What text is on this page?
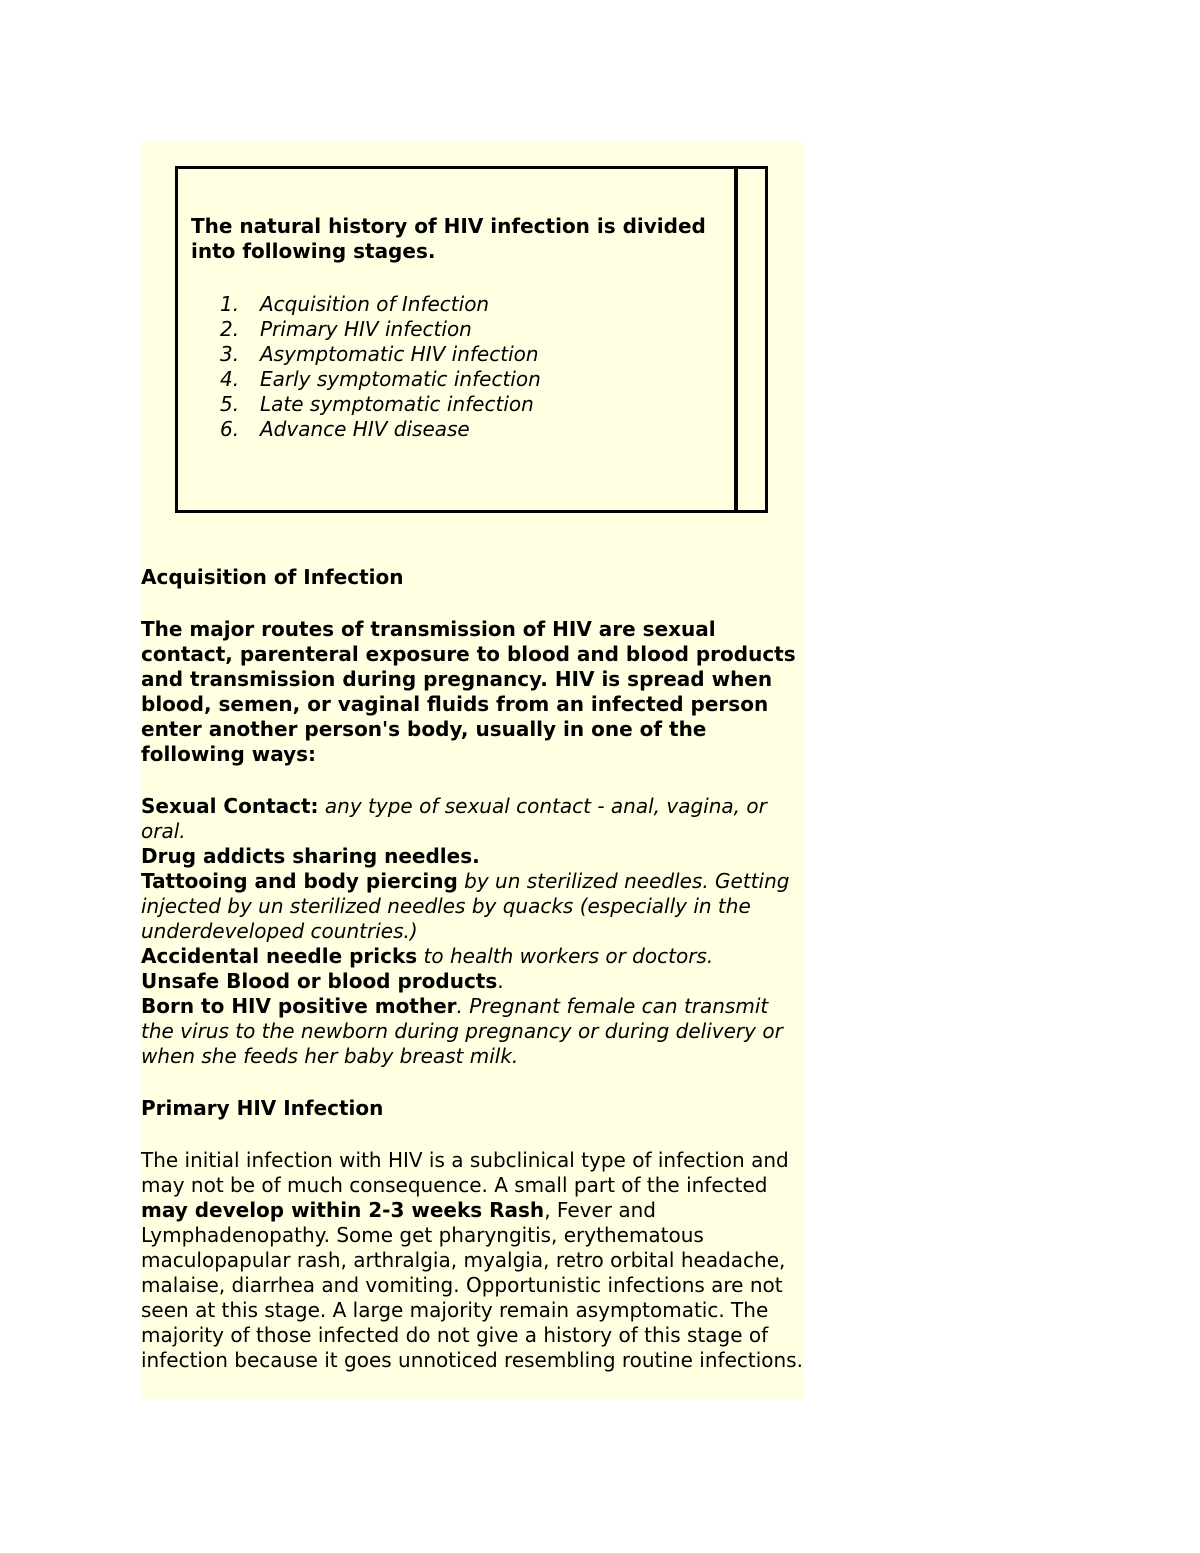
The natural history of HIV infection is divided into following stages.

1. Acquisition of Infection
2. Primary HIV infection
3. Asymptomatic HIV infection
4. Early symptomatic infection
5. Late symptomatic infection
6. Advance HIV disease

Acquisition of Infection

The major routes of transmission of HIV are sexual contact, parenteral exposure to blood and blood products and transmission during pregnancy. HIV is spread when blood, semen, or vaginal fluids from an infected person enter another person's body, usually in one of the following ways:

Sexual Contact: any type of sexual contact - anal, vagina, or oral.

Drug addicts sharing needles.

Tattooing and body piercing by un sterilized needles. Getting injected by un sterilized needles by quacks (especially in the underdeveloped countries.)

Accidental needle pricks to health workers or doctors.

Unsafe Blood or blood products.

Born to HIV positive mother. Pregnant female can transmit the virus to the newborn during pregnancy or during delivery or when she feeds her baby breast milk.

Primary HIV Infection

The initial infection with HIV is a subclinical type of infection and may not be of much consequence. A small part of the infected may develop within 2-3 weeks Rash, Fever and Lymphadenopathy. Some get pharyngitis, erythematous maculopapular rash, arthralgia, myalgia, retro orbital headache, malaise, diarrhea and vomiting. Opportunistic infections are not seen at this stage. A large majority remain asymptomatic. The majority of those infected do not give a history of this stage of infection because it goes unnoticed resembling routine infections.
